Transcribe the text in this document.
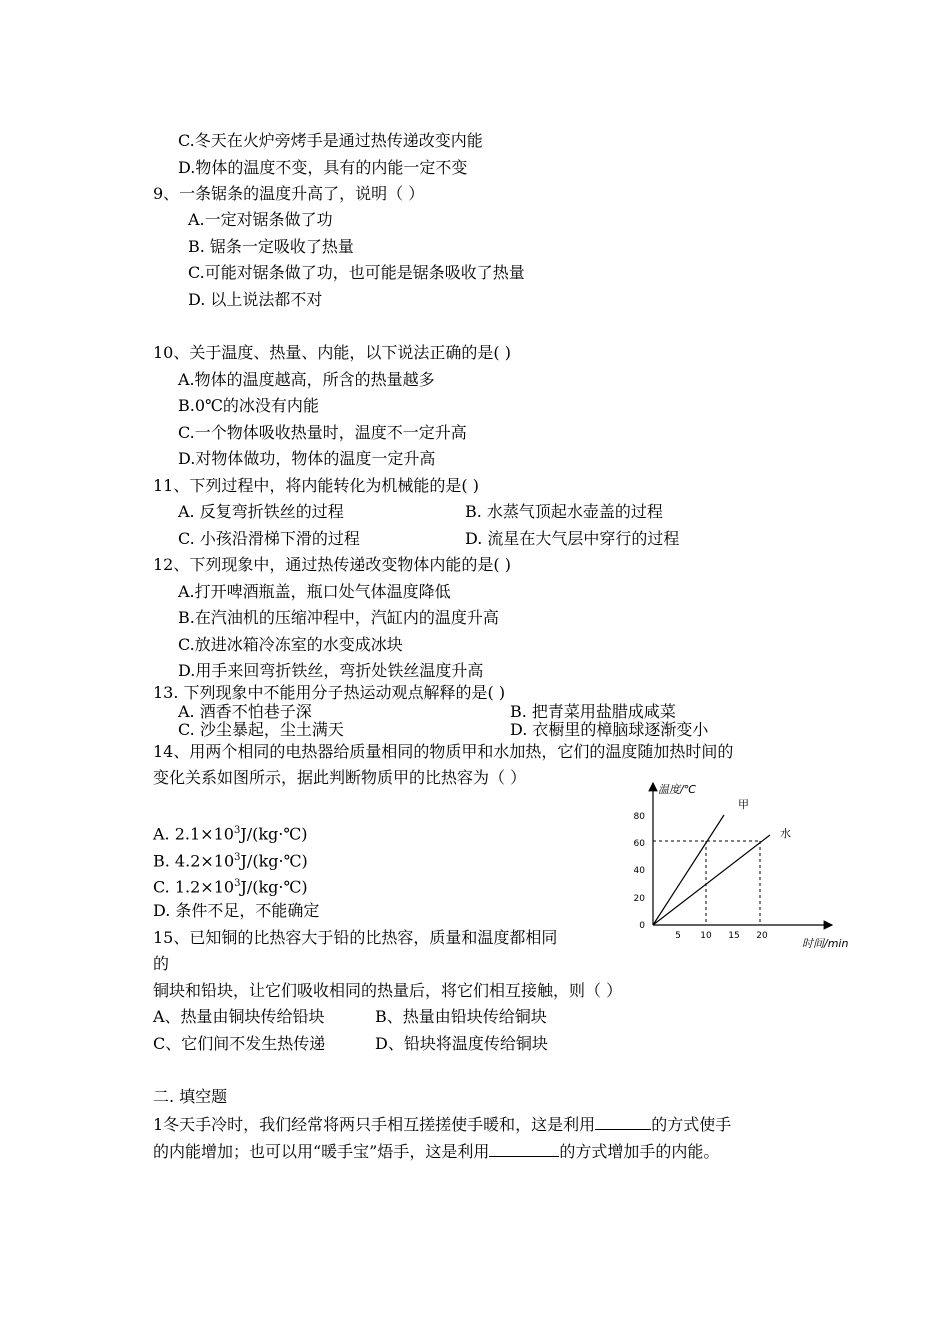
C.冬天在火炉旁烤手是通过热传递改变内能
D.物体的温度不变，具有的内能一定不变
9、一条锯条的温度升高了，说明（ ）
A.一定对锯条做了功
B. 锯条一定吸收了热量
C.可能对锯条做了功，也可能是锯条吸收了热量
D. 以上说法都不对
10、关于温度、热量、内能，以下说法正确的是( )
A.物体的温度越高，所含的热量越多
B.0℃的冰没有内能
C.一个物体吸收热量时，温度不一定升高
D.对物体做功，物体的温度一定升高
11、下列过程中，将内能转化为机械能的是( )
A. 反复弯折铁丝的过程	B. 水蒸气顶起水壶盖的过程
C. 小孩沿滑梯下滑的过程	D. 流星在大气层中穿行的过程
12、下列现象中，通过热传递改变物体内能的是( )
A.打开啤酒瓶盖，瓶口处气体温度降低
B.在汽油机的压缩冲程中，汽缸内的温度升高
C.放进冰箱冷冻室的水变成冰块
D.用手来回弯折铁丝，弯折处铁丝温度升高
13. 下列现象中不能用分子热运动观点解释的是( )
A. 酒香不怕巷子深	B. 把青菜用盐腊成咸菜
C. 沙尘暴起，尘土满天	D. 衣橱里的樟脑球逐渐变小
14、用两个相同的电热器给质量相同的物质甲和水加热，它们的温度随加热时间的
变化关系如图所示，据此判断物质甲的比热容为（ ）
A. $2.1\times 10^3J/(kg\cdot℃)$
B. $4.2\times 10^3J/(kg\cdot℃)$
C. $1.2\times 10^3J/(kg\cdot℃)$
D. 条件不足，不能确定
温度/℃
时间/min
0
20
40
60
80
5 10 15 20
甲
水
15、已知铜的比热容大于铅的比热容，质量和温度都相同
的
铜块和铅块，让它们吸收相同的热量后，将它们相互接触，则（ ）
A、热量由铜块传给铅块	B、热量由铅块传给铜块
C、它们间不发生热传递	D、铅块将温度传给铜块
二. 填空题
1冬天手冷时，我们经常将两只手相互搓搓使手暖和，这是利用	的方式使手
的内能增加；也可以用“暖手宝”焐手，这是利用	的方式增加手的内能。
